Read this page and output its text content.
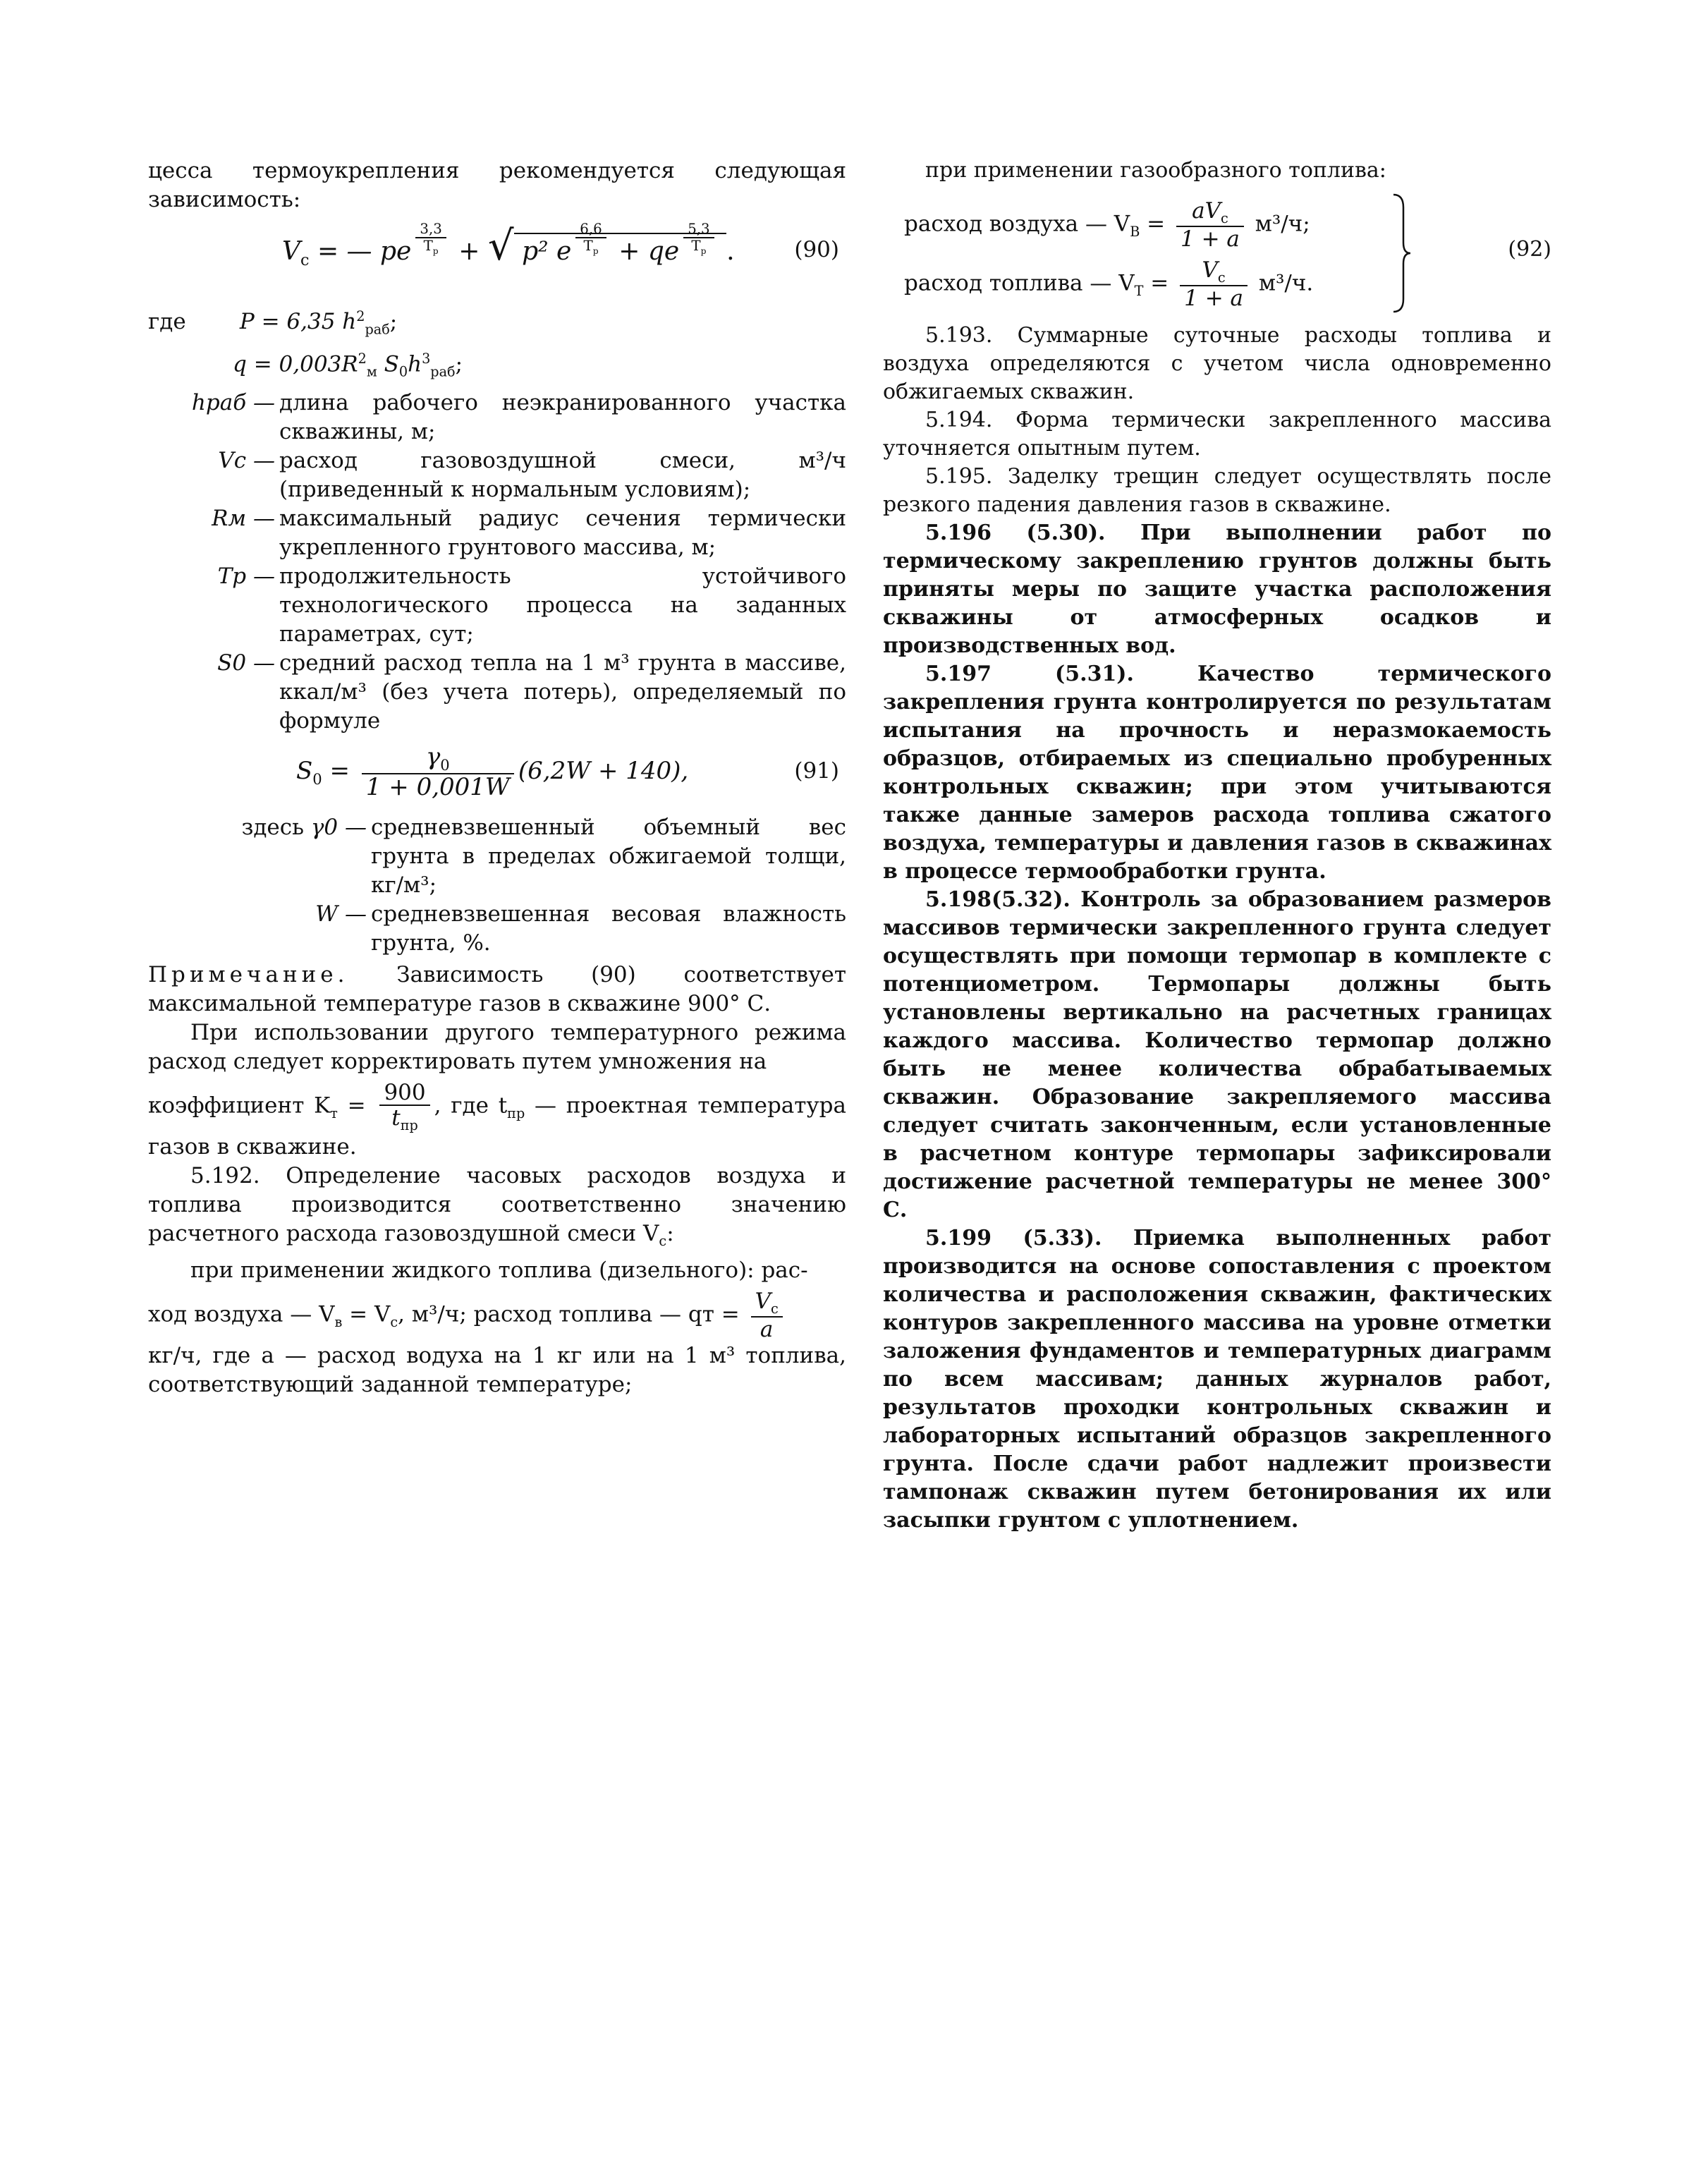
цесса термоукрепления рекомендуется следующая зависимость:

$V_c$ = — pe $\frac{3,3}{T_p}$ + √ p² e $\frac{6,6}{T_p}$ + qe $\frac{5,3}{T_p}$ .	(90)
где P = 6,35 $h^2_{раб}$;
$q = 0,003R^2_м$ $S_0h^3_{раб}$;
hраб — длина рабочего неэкранированного участка скважины, м;
Vc — расход газовоздушной смеси, м³/ч (приведенный к нормальным условиям);
Rм — максимальный радиус сечения термически укрепленного грунтового массива, м;
Tp — продолжительность устойчивого технологического процесса на заданных параметрах, сут;
S0 — средний расход тепла на 1 м³ грунта в массиве, ккал/м³ (без учета потерь), определяемый по формуле
$S_0 = \frac{\gamma_0}{1 + 0,001W} (6,2W + 140)$,	(91)
здесь γ0 — средневзвешенный объемный вес грунта в пределах обжигаемой толщи, кг/м³;
W — средневзвешенная весовая влажность грунта, %.

Примечание. Зависимость (90) соответствует максимальной температуре газов в скважине 900° С.

При использовании другого температурного режима расход следует корректировать путем умножения на

коэффициент $K_т = \frac{900}{t_{пр}}$ , где $t_{пр}$ — проектная температура газов в скважине.

5.192. Определение часовых расходов воздуха и топлива производится соответственно значению расчетного расхода газовоздушной смеси $V_c$:

при применении жидкого топлива (дизельного): рас-

ход воздуха — $V_в = V_c$, м³/ч; расход топлива — qт = $\frac{V_c}{a}$

кг/ч, где a — расход водуха на 1 кг или на 1 м³ топлива, соответствующий заданной температуре;

при применении газообразного топлива:

расход воздуха — $V_B = \frac{aV_c}{1 + a} м^3/ч$;
расход топлива — $V_T = \frac{V_c}{1 + a} м^3/ч$.
(92)

5.193. Суммарные суточные расходы топлива и воздуха определяются с учетом числа одновременно обжигаемых скважин.

5.194. Форма термически закрепленного массива уточняется опытным путем.

5.195. Заделку трещин следует осуществлять после резкого падения давления газов в скважине.

5.196 (5.30). При выполнении работ по термическому закреплению грунтов должны быть приняты меры по защите участка расположения скважины от атмосферных осадков и производственных вод.

5.197 (5.31). Качество термического закрепления грунта контролируется по результатам испытания на прочность и неразмокаемость образцов, отбираемых из специально пробуренных контрольных скважин; при этом учитываются также данные замеров расхода топлива сжатого воздуха, температуры и давления газов в скважинах в процессе термообработки грунта.

5.198(5.32). Контроль за образованием размеров массивов термически закрепленного грунта следует осуществлять при помощи термопар в комплекте с потенциометром. Термопары должны быть установлены вертикально на расчетных границах каждого массива. Количество термопар должно быть не менее количества обрабатываемых скважин. Образование закрепляемого массива следует считать законченным, если установленные в расчетном контуре термопары зафиксировали достижение расчетной температуры не менее 300° С.

5.199 (5.33). Приемка выполненных работ производится на основе сопоставления с проектом количества и расположения скважин, фактических контуров закрепленного массива на уровне отметки заложения фундаментов и температурных диаграмм по всем массивам; данных журналов работ, результатов проходки контрольных скважин и лабораторных испытаний образцов закрепленного грунта. После сдачи работ надлежит произвести тампонаж скважин путем бетонирования их или засыпки грунтом с уплотнением.
